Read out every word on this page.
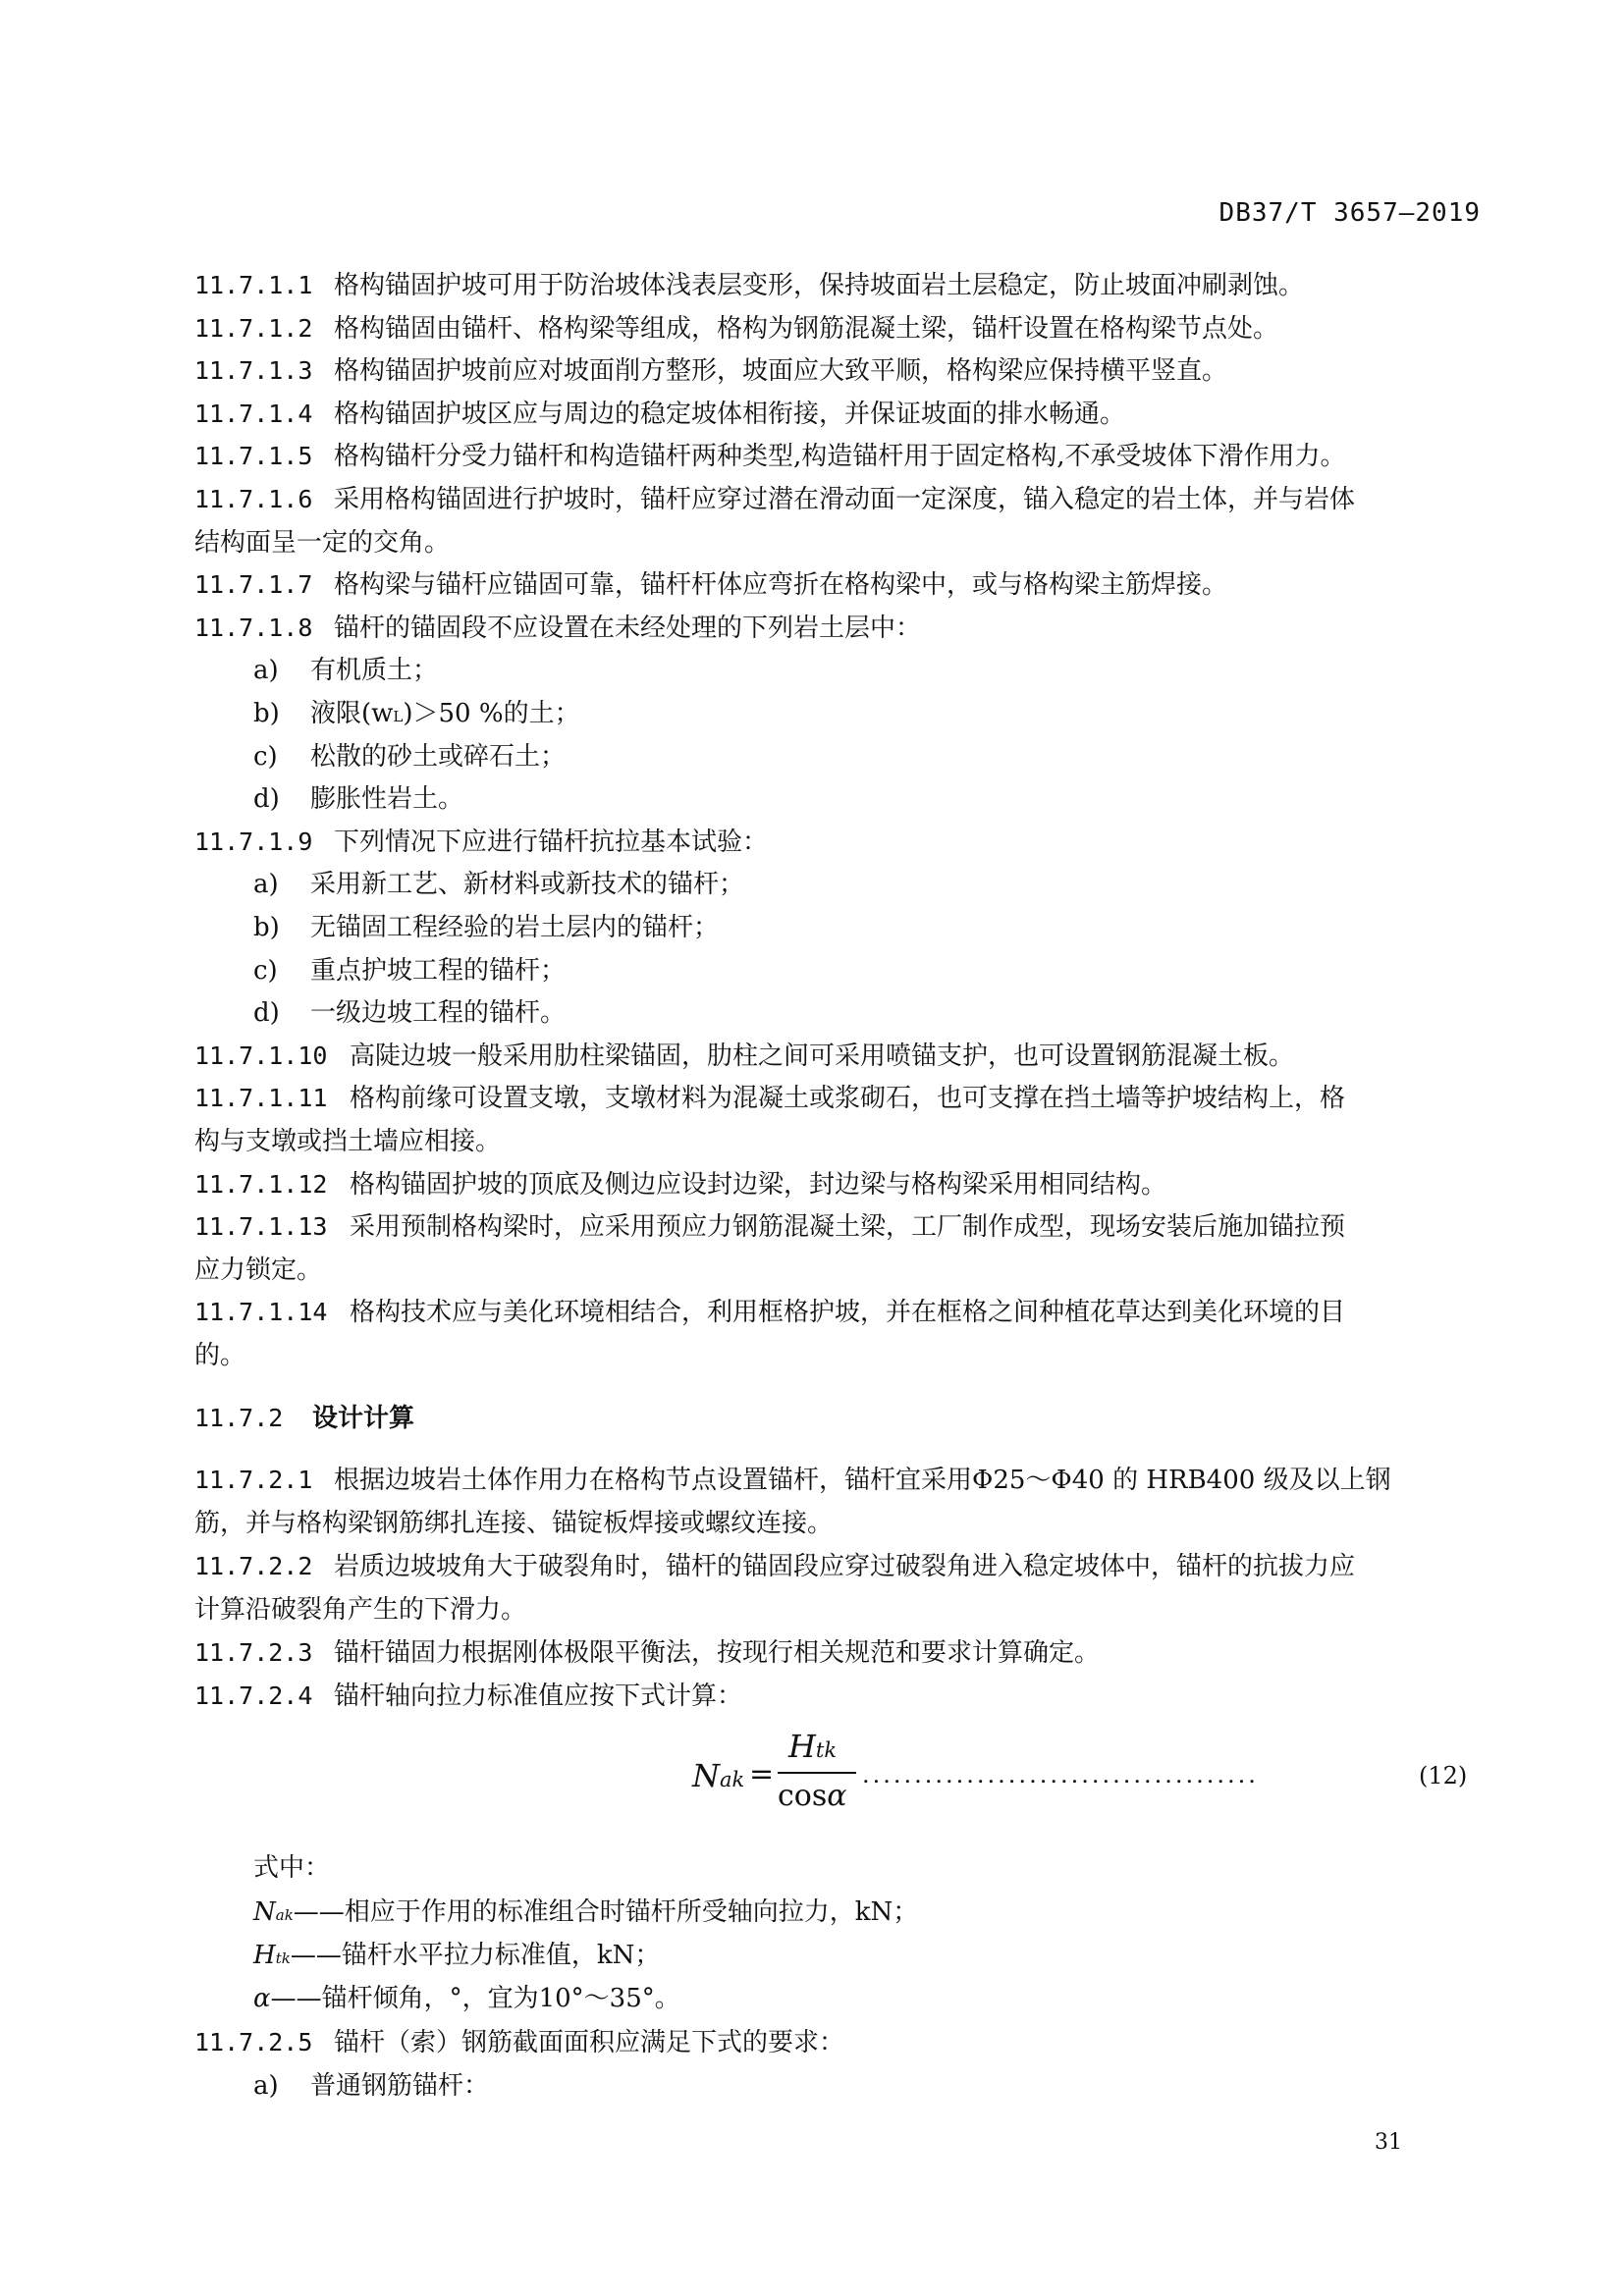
DB37/T 3657—2019
11.7.1.1 格构锚固护坡可用于防治坡体浅表层变形，保持坡面岩土层稳定，防止坡面冲刷剥蚀。
11.7.1.2 格构锚固由锚杆、格构梁等组成，格构为钢筋混凝土梁，锚杆设置在格构梁节点处。
11.7.1.3 格构锚固护坡前应对坡面削方整形，坡面应大致平顺，格构梁应保持横平竖直。
11.7.1.4 格构锚固护坡区应与周边的稳定坡体相衔接，并保证坡面的排水畅通。
11.7.1.5 格构锚杆分受力锚杆和构造锚杆两种类型,构造锚杆用于固定格构,不承受坡体下滑作用力。
11.7.1.6 采用格构锚固进行护坡时，锚杆应穿过潜在滑动面一定深度，锚入稳定的岩土体，并与岩体
结构面呈一定的交角。
11.7.1.7 格构梁与锚杆应锚固可靠，锚杆杆体应弯折在格构梁中，或与格构梁主筋焊接。
11.7.1.8 锚杆的锚固段不应设置在未经处理的下列岩土层中：
a) 有机质土；
b) 液限(wL)＞50 %的土；
c) 松散的砂土或碎石土；
d) 膨胀性岩土。
11.7.1.9 下列情况下应进行锚杆抗拉基本试验：
a) 采用新工艺、新材料或新技术的锚杆；
b) 无锚固工程经验的岩土层内的锚杆；
c) 重点护坡工程的锚杆；
d) 一级边坡工程的锚杆。
11.7.1.10 高陡边坡一般采用肋柱梁锚固，肋柱之间可采用喷锚支护，也可设置钢筋混凝土板。
11.7.1.11 格构前缘可设置支墩，支墩材料为混凝土或浆砌石，也可支撑在挡土墙等护坡结构上，格
构与支墩或挡土墙应相接。
11.7.1.12 格构锚固护坡的顶底及侧边应设封边梁，封边梁与格构梁采用相同结构。
11.7.1.13 采用预制格构梁时，应采用预应力钢筋混凝土梁，工厂制作成型，现场安装后施加锚拉预
应力锁定。
11.7.1.14 格构技术应与美化环境相结合，利用框格护坡，并在框格之间种植花草达到美化环境的目
的。
11.7.2 设计计算
11.7.2.1 根据边坡岩土体作用力在格构节点设置锚杆，锚杆宜采用Φ25～Φ40 的 HRB400 级及以上钢
筋，并与格构梁钢筋绑扎连接、锚锭板焊接或螺纹连接。
11.7.2.2 岩质边坡坡角大于破裂角时，锚杆的锚固段应穿过破裂角进入稳定坡体中，锚杆的抗拔力应
计算沿破裂角产生的下滑力。
11.7.2.3 锚杆锚固力根据刚体极限平衡法，按现行相关规范和要求计算确定。
11.7.2.4 锚杆轴向拉力标准值应按下式计算：
Nak =
Htk
cosα
......................................	(12)
式中：
Nak——相应于作用的标准组合时锚杆所受轴向拉力，kN；
Htk——锚杆水平拉力标准值，kN；
α——锚杆倾角，°，宜为10°～35°。
11.7.2.5 锚杆（索）钢筋截面面积应满足下式的要求：
a) 普通钢筋锚杆：
31
